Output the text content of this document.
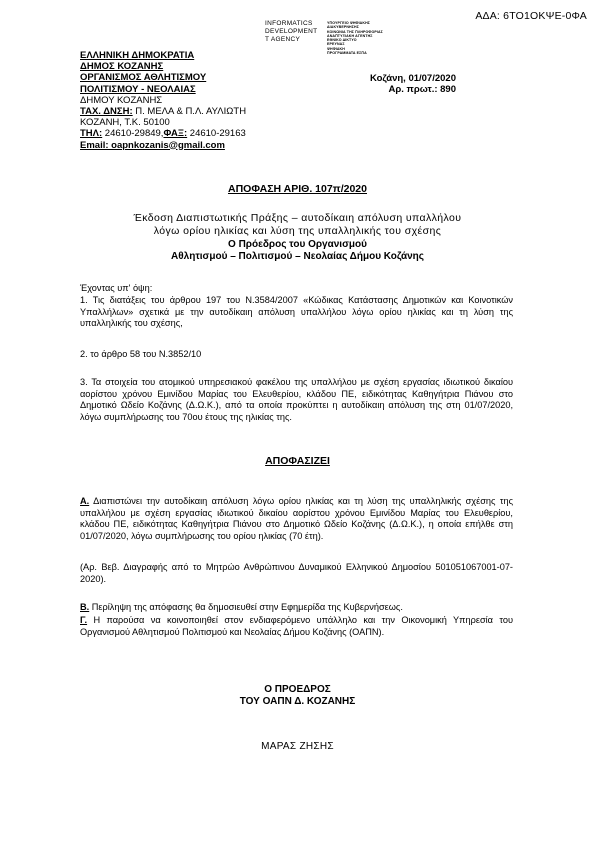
ΑΔΑ: 6ΤΟ1ΟΚΨΕ-0ΦΑ
INFORMATICS
DEVELOPMENT
T AGENCY
ΥΠΟΥΡΓΕΙΟ ΨΗΦΙΑΚΗΣ
ΔΙΑΚΥΒΕΡΝΗΣΗΣ
ΚΟΙΝΩΝΙΑ ΤΗΣ ΠΛΗΡΟΦΟΡΙΑΣ
ΑΝΑΠΤΥΞΙΑΚΗ ΑΓΕΝΤΗΣ
ΕΘΝΙΚΟ ΔΙΚΤΥΟ
ΕΡΕΥΝΑΣ
ΨΗΦΙΑΚΗ
ΠΡΟΓΡΑΜΜΑΤΑ ΕΣΠΑ
ΕΛΛΗΝΙΚΗ ΔΗΜΟΚΡΑΤΙΑ
ΔΗΜΟΣ ΚΟΖΑΝΗΣ
ΟΡΓΑΝΙΣΜΟΣ ΑΘΛΗΤΙΣΜΟΥ
ΠΟΛΙΤΙΣΜΟΥ - ΝΕΟΛΑΙΑΣ
ΔΗΜΟΥ ΚΟΖΑΝΗΣ
ΤΑΧ. ΔΝΣΗ: Π. ΜΕΛΑ & Π.Λ. ΑΥΛΙΩΤΗ
ΚΟΖΑΝΗ, Τ.Κ. 50100
ΤΗΛ: 24610-29849,ΦΑΞ: 24610-29163
Email: oapnkozanis@gmail.com
Κοζάνη, 01/07/2020
Αρ. πρωτ.: 890
ΑΠΟΦΑΣΗ ΑΡΙΘ. 107π/2020
Έκδοση Διαπιστωτικής Πράξης – αυτοδίκαιη απόλυση υπαλλήλου
λόγω ορίου ηλικίας και λύση της υπαλληλικής του σχέσης
Ο Πρόεδρος του Οργανισμού
Αθλητισμού – Πολιτισμού – Νεολαίας Δήμου Κοζάνης
Έχοντας υπ' όψη:
1. Τις διατάξεις του άρθρου 197 του Ν.3584/2007 «Κώδικας Κατάστασης Δημοτικών και Κοινοτικών Υπαλλήλων» σχετικά με την αυτοδίκαιη απόλυση υπαλλήλου λόγω ορίου ηλικίας και τη λύση της υπαλληλικής του σχέσης,
2. το άρθρο 58 του Ν.3852/10
3. Τα στοιχεία του ατομικού υπηρεσιακού φακέλου της υπαλλήλου με σχέση εργασίας ιδιωτικού δικαίου αορίστου χρόνου Εμινίδου Μαρίας του Ελευθερίου, κλάδου ΠΕ, ειδικότητας Καθηγήτρια Πιάνου στο Δημοτικό Ωδείο Κοζάνης (Δ.Ω.Κ.), από τα οποία προκύπτει η αυτοδίκαιη απόλυση της στη 01/07/2020, λόγω συμπλήρωσης του 70ου έτους της ηλικίας της.
ΑΠΟΦΑΣΙΖΕΙ
Α. Διαπιστώνει την αυτοδίκαιη απόλυση λόγω ορίου ηλικίας και τη λύση της υπαλληλικής σχέσης της υπαλλήλου με σχέση εργασίας ιδιωτικού δικαίου αορίστου χρόνου Εμινίδου Μαρίας του Ελευθερίου, κλάδου ΠΕ, ειδικότητας Καθηγήτρια Πιάνου στο Δημοτικό Ωδείο Κοζάνης (Δ.Ω.Κ.), η οποία επήλθε στη 01/07/2020, λόγω συμπλήρωσης του ορίου ηλικίας (70 έτη).
(Αρ. Βεβ. Διαγραφής από το Μητρώο Ανθρώπινου Δυναμικού Ελληνικού Δημοσίου 501051067001-07-2020).
Β. Περίληψη της απόφασης θα δημοσιευθεί στην Εφημερίδα της Κυβερνήσεως.
Γ. Η παρούσα να κοινοποιηθεί στον ενδιαφερόμενο υπάλληλο και την Οικονομική Υπηρεσία του Οργανισμού Αθλητισμού Πολιτισμού και Νεολαίας Δήμου Κοζάνης (ΟΑΠΝ).
Ο ΠΡΟΕΔΡΟΣ
ΤΟΥ ΟΑΠΝ Δ. ΚΟΖΑΝΗΣ
ΜΑΡΑΣ ΖΗΣΗΣ
